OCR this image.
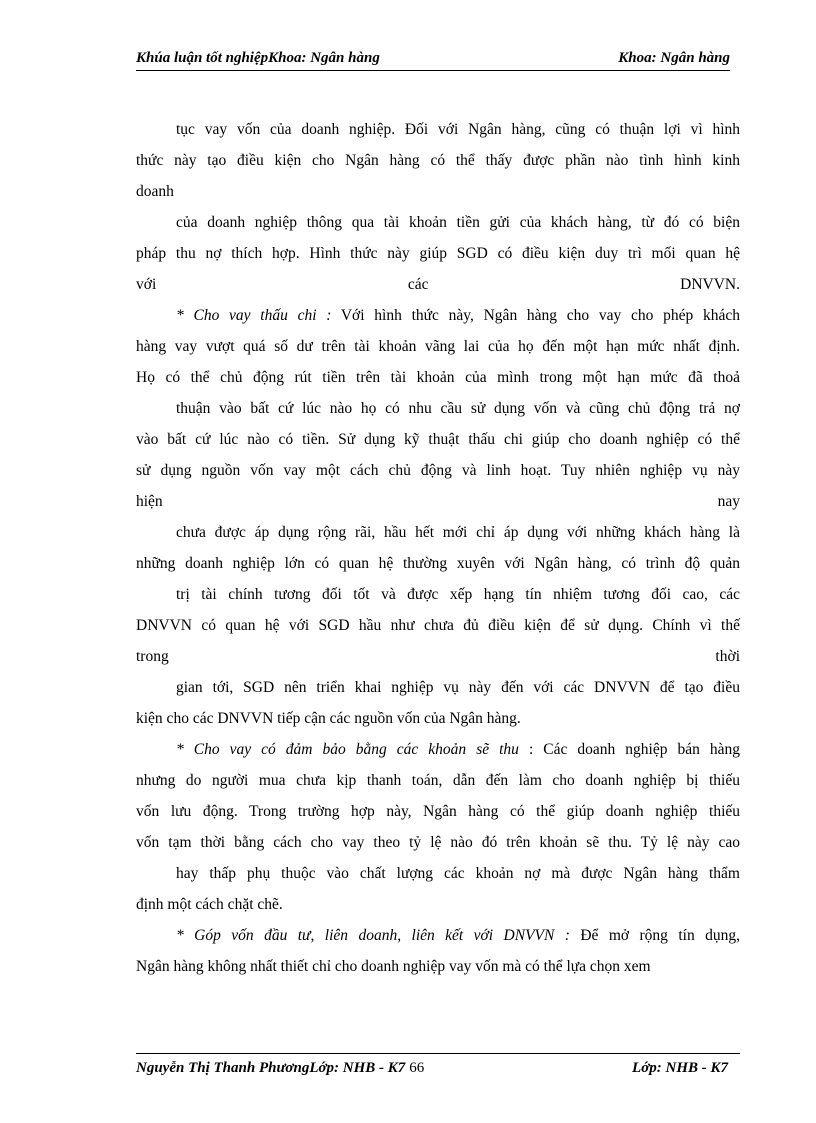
Khúa luận tốt nghiệpKhoa: Ngân hàng	Khoa: Ngân hàng
tục vay vốn của doanh nghiệp. Đối với Ngân hàng, cũng có thuận lợi vì hình
thức này tạo điều kiện cho Ngân hàng có thể thấy được phần nào tình hình kinh
doanh
của doanh nghiệp thông qua tài khoản tiền gửi của khách hàng, từ đó có biện
pháp thu nợ thích hợp. Hình thức này giúp SGD có điều kiện duy trì mối quan hệ
với các DNVVN.
* Cho vay thấu chi : Với hình thức này, Ngân hàng cho vay cho phép khách
hàng vay vượt quá số dư trên tài khoản vãng lai của họ đến một hạn mức nhất định.
Họ có thể chủ động rút tiền trên tài khoản của mình trong một hạn mức đã thoả
thuận vào bất cứ lúc nào họ có nhu cầu sử dụng vốn và cũng chủ động trả nợ
vào bất cứ lúc nào có tiền. Sử dụng kỹ thuật thấu chi giúp cho doanh nghiệp có thể
sử dụng nguồn vốn vay một cách chủ động và linh hoạt. Tuy nhiên nghiệp vụ này
hiện nay
chưa được áp dụng rộng rãi, hầu hết mới chỉ áp dụng với những khách hàng là
những doanh nghiệp lớn có quan hệ thường xuyên với Ngân hàng, có trình độ quản
trị tài chính tương đối tốt và được xếp hạng tín nhiệm tương đối cao, các
DNVVN có quan hệ với SGD hầu như chưa đủ điều kiện để sử dụng. Chính vì thế
trong thời
gian tới, SGD nên triển khai nghiệp vụ này đến với các DNVVN để tạo điều
kiện cho các DNVVN tiếp cận các nguồn vốn của Ngân hàng.
* Cho vay có đảm bảo bằng các khoản sẽ thu : Các doanh nghiệp bán hàng
nhưng do người mua chưa kịp thanh toán, dẫn đến làm cho doanh nghiệp bị thiếu
vốn lưu động. Trong trường hợp này, Ngân hàng có thể giúp doanh nghiệp thiếu
vốn tạm thời bằng cách cho vay theo tỷ lệ nào đó trên khoản sẽ thu. Tỷ lệ này cao
hay thấp phụ thuộc vào chất lượng các khoản nợ mà được Ngân hàng thẩm
định một cách chặt chẽ.
* Góp vốn đầu tư, liên doanh, liên kết với DNVVN : Để mở rộng tín dụng,
Ngân hàng không nhất thiết chỉ cho doanh nghiệp vay vốn mà có thể lựa chọn xem
Nguyễn Thị Thanh PhươngLớp: NHB - K7 66	Lớp: NHB - K7
